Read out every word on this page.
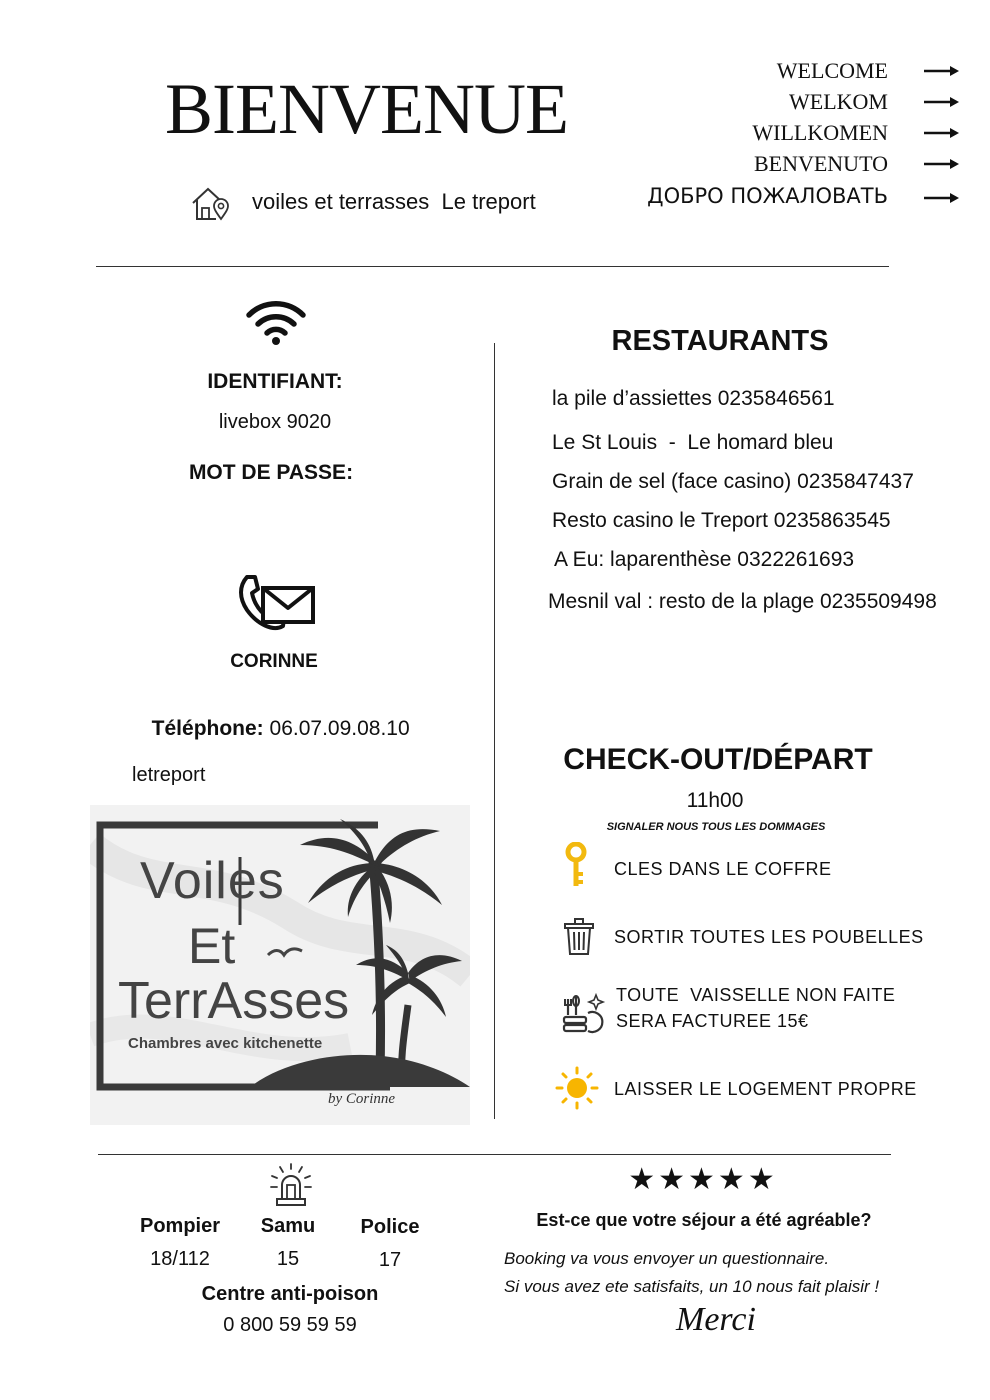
BIENVENUE
voiles et terrasses  Le treport
WELCOME
WELKOM
WILLKOMEN
BENVENUTO
ДОБРО ПОЖАЛОВАТЬ
IDENTIFIANT:
livebox 9020
MOT DE PASSE:
CORINNE

Téléphone: 06.07.09.08.10

letreport
Voiles
Et
TerrAsses
Chambres avec kitchenette
by Corinne
RESTAURANTS
la pile d’assiettes 0235846561
Le St Louis  -  Le homard bleu
Grain de sel (face casino) 0235847437
Resto casino le Treport 0235863545
A Eu: laparenthèse 0322261693
Mesnil val : resto de la plage 0235509498
CHECK-OUT/DÉPART
11h00
SIGNALER NOUS TOUS LES DOMMAGES
CLES DANS LE COFFRE
SORTIR TOUTES LES POUBELLES
TOUTE  VAISSELLE NON FAITE
SERA FACTUREE 15€
LAISSER LE LOGEMENT PROPRE
Pompier
18/112
Samu
15
Police
17
Centre anti-poison
0 800 59 59 59
★★★★★
Est-ce que votre séjour a été agréable?
Booking va vous envoyer un questionnaire.
Si vous avez ete satisfaits, un 10 nous fait plaisir !
Merci
